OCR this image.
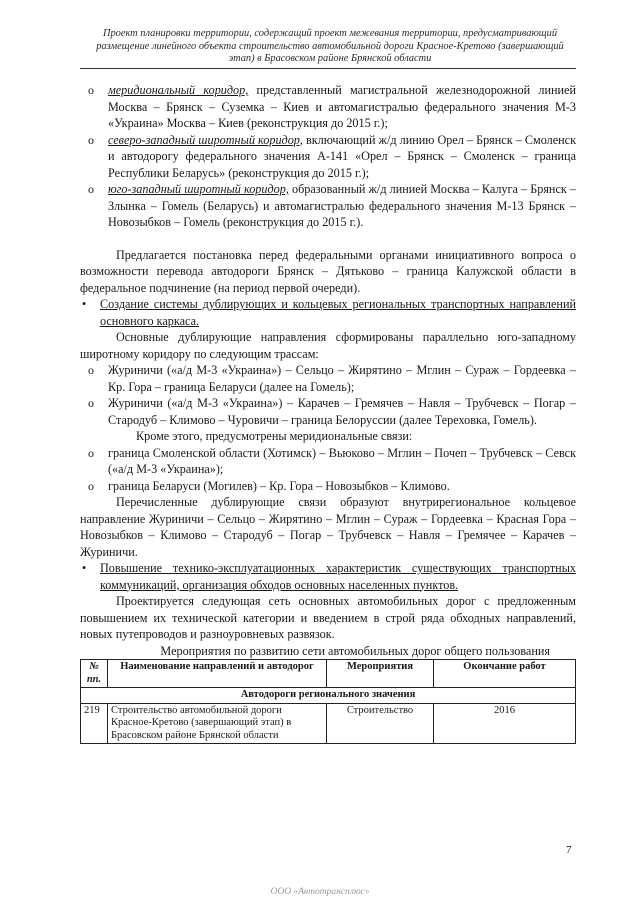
Проект планировки территории, содержащий проект межевания территории, предусматривающий
размещение линейного объекта строительство автомобильной дороги Красное-Кретово (завершающий
этап) в Брасовском районе Брянской области
o меридиональный коридор, представленный магистральной железнодорожной линией Москва – Брянск – Суземка – Киев и автомагистралью федерального значения М-3 «Украина» Москва – Киев (реконструкция до 2015 г.);
o северо-западный широтный коридор, включающий ж/д линию Орел – Брянск – Смоленск и автодорогу федерального значения А-141 «Орел – Брянск – Смоленск – граница Республики Беларусь» (реконструкция до 2015 г.);
o юго-западный широтный коридор, образованный ж/д линией Москва – Калуга – Брянск – Злынка – Гомель (Беларусь) и автомагистралью федерального значения М-13 Брянск – Новозыбков – Гомель (реконструкция до 2015 г.).

Предлагается постановка перед федеральными органами инициативного вопроса о возможности перевода автодороги Брянск – Дятьково – граница Калужской области в федеральное подчинение (на период первой очереди).

• Создание системы дублирующих и кольцевых региональных транспортных направлений основного каркаса.

Основные дублирующие направления сформированы параллельно юго-западному широтному коридору по следующим трассам:

o Журиничи («а/д М-3 «Украина») – Сельцо – Жирятино – Мглин – Сураж – Гордеевка – Кр. Гора – граница Беларуси (далее на Гомель);
o Журиничи («а/д М-3 «Украина») – Карачев – Гремячев – Навля – Трубчевск – Погар – Стародуб – Климово – Чуровичи – граница Белоруссии (далее Тереховка, Гомель).

Кроме этого, предусмотрены меридиональные связи:

o граница Смоленской области (Хотимск) – Вьюково – Мглин – Почеп – Трубчевск – Севск («а/д М-3 «Украина»);
o граница Беларуси (Могилев) – Кр. Гора – Новозыбков – Климово.

Перечисленные дублирующие связи образуют внутрирегиональное кольцевое направление Журиничи – Сельцо – Жирятино – Мглин – Сураж – Гордеевка – Красная Гора – Новозыбков – Климово – Стародуб – Погар – Трубчевск – Навля – Гремячее – Карачев – Журиничи.

• Повышение технико-эксплуатационных характеристик существующих транспортных коммуникаций, организация обходов основных населенных пунктов.

Проектируется следующая сеть основных автомобильных дорог с предложенным повышением их технической категории и введением в строй ряда обходных направлений, новых путепроводов и разноуровневых развязок.

Мероприятия по развитию сети автомобильных дорог общего пользования

№ пп.	Наименование направлений и автодорог	Мероприятия	Окончание работ
Автодороги регионального значения			
219	Строительство автомобильной дороги Красное-Кретово (завершающий этап) в Брасовском районе Брянской области	Строительство	2016
7
ООО «Автотрансплюс»
